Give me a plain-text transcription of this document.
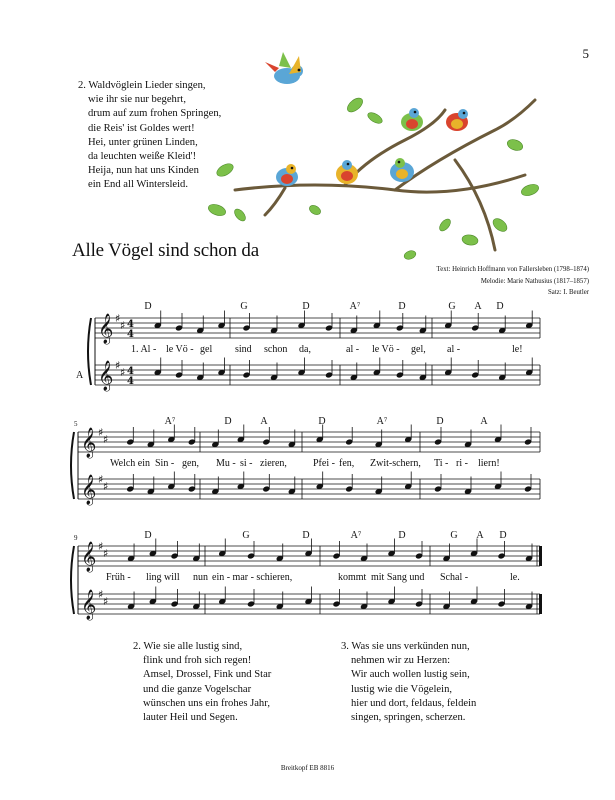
5
2. Waldvöglein Lieder singen,
wie ihr sie nur begehrt,
drum auf zum frohen Springen,
die Reis' ist Goldes wert!
Hei, unter grünen Linden,
da leuchten weiße Kleid'!
Heija, nun hat uns Kinden
ein End all Wintersleid.
Alle Vögel sind schon da
Text: Heinrich Hoffmann von Fallersleben (1798–1874)
Melodie: Marie Nathusius (1817–1857)
Satz: I. Beutler
𝄞 ♯
♯ 4
4
𝄞 ♯
♯ 4
4
𝄞 ♯
♯
𝄞 ♯
♯
𝄞 ♯
♯
𝄞 ♯
♯
A
D	G	D	A⁷	D	G A D
1. Al - le Vö - gel sind schon da,	al - le Vö - gel, al -	le!
5	A⁷	D	A	D	A⁷	D	A
Welch ein Sin - gen, Mu - si - zieren,	Pfei - fen, Zwit-schern, Ti - ri - liern!
9	D	G	D	A⁷	D	G A D
Früh - ling will nun ein - mar - schieren,	kommt mit Sang und Schal -	le.
2. Wie sie alle lustig sind,
flink und froh sich regen!
Amsel, Drossel, Fink und Star
und die ganze Vogelschar
wünschen uns ein frohes Jahr,
lauter Heil und Segen.
3. Was sie uns verkünden nun,
nehmen wir zu Herzen:
Wir auch wollen lustig sein,
lustig wie die Vögelein,
hier und dort, feldaus, feldein
singen, springen, scherzen.
Breitkopf EB 8816
